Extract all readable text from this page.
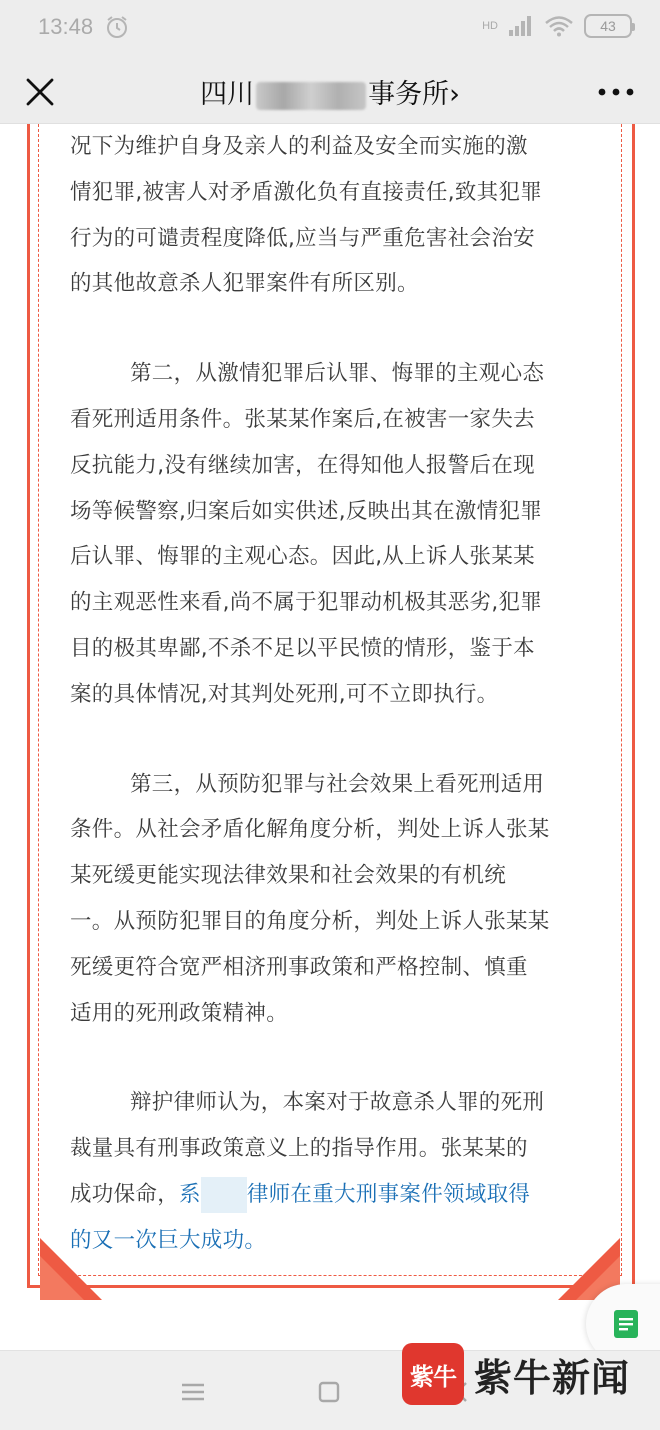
13:48	HD	43
四川	事务所›
况下为维护自身及亲人的利益及安全而实施的激
情犯罪,被害人对矛盾激化负有直接责任,致其犯罪
行为的可谴责程度降低,应当与严重危害社会治安
的其他故意杀人犯罪案件有所区别。
第二，从激情犯罪后认罪、悔罪的主观心态
看死刑适用条件。张某某作案后,在被害一家失去
反抗能力,没有继续加害，在得知他人报警后在现
场等候警察,归案后如实供述,反映出其在激情犯罪
后认罪、悔罪的主观心态。因此,从上诉人张某某
的主观恶性来看,尚不属于犯罪动机极其恶劣,犯罪
目的极其卑鄙,不杀不足以平民愤的情形，鉴于本
案的具体情况,对其判处死刑,可不立即执行。
第三，从预防犯罪与社会效果上看死刑适用
条件。从社会矛盾化解角度分析，判处上诉人张某
某死缓更能实现法律效果和社会效果的有机统
一。从预防犯罪目的角度分析，判处上诉人张某某
死缓更符合宽严相济刑事政策和严格控制、慎重
适用的死刑政策精神。
辩护律师认为，本案对于故意杀人罪的死刑
裁量具有刑事政策意义上的指导作用。张某某的
成功保命，系 律师在重大刑事案件领域取得
的又一次巨大成功。
紫牛 紫牛新闻
